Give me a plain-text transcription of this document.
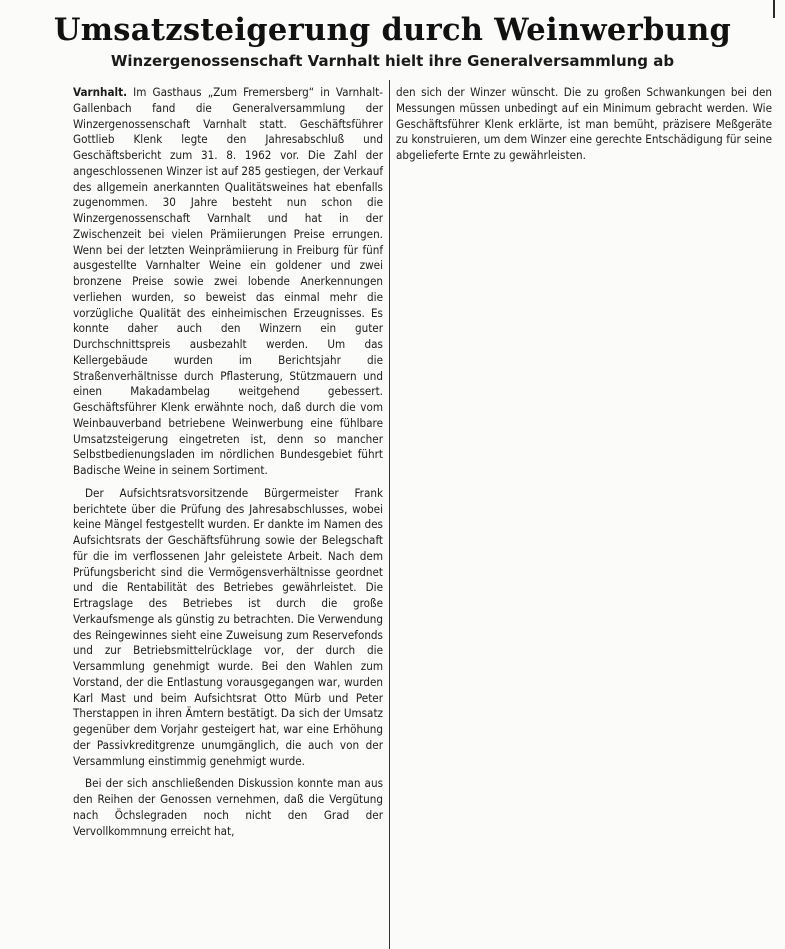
Umsatzsteigerung durch Weinwerbung
Winzergenossenschaft Varnhalt hielt ihre Generalversammlung ab

Varnhalt. Im Gasthaus „Zum Fremersberg“ in Varnhalt-Gallenbach fand die Generalversammlung der Winzergenossenschaft Varnhalt statt. Geschäftsführer Gottlieb Klenk legte den Jahresabschluß und Geschäftsbericht zum 31. 8. 1962 vor. Die Zahl der angeschlossenen Winzer ist auf 285 gestiegen, der Verkauf des allgemein anerkannten Qualitätsweines hat ebenfalls zugenommen. 30 Jahre besteht nun schon die Winzergenossenschaft Varnhalt und hat in der Zwischenzeit bei vielen Prämiierungen Preise errungen. Wenn bei der letzten Weinprämiierung in Freiburg für fünf ausgestellte Varnhalter Weine ein goldener und zwei bronzene Preise sowie zwei lobende Anerkennungen verliehen wurden, so beweist das einmal mehr die vorzügliche Qualität des einheimischen Erzeugnisses. Es konnte daher auch den Winzern ein guter Durchschnittspreis ausbezahlt werden. Um das Kellergebäude wurden im Berichtsjahr die Straßenverhältnisse durch Pflasterung, Stützmauern und einen Makadambelag weitgehend gebessert. Geschäftsführer Klenk erwähnte noch, daß durch die vom Weinbauverband betriebene Weinwerbung eine fühlbare Umsatzsteigerung eingetreten ist, denn so mancher Selbstbedienungsladen im nördlichen Bundesgebiet führt Badische Weine in seinem Sortiment.

Der Aufsichtsratsvorsitzende Bürgermeister Frank berichtete über die Prüfung des Jahresabschlusses, wobei keine Mängel festgestellt wurden. Er dankte im Namen des Aufsichtsrats der Geschäftsführung sowie der Belegschaft für die im verflossenen Jahr geleistete Arbeit. Nach dem Prüfungsbericht sind die Vermögensverhältnisse geordnet und die Rentabilität des Betriebes gewährleistet. Die Ertragslage des Betriebes ist durch die große Verkaufsmenge als günstig zu betrachten. Die Verwendung des Reingewinnes sieht eine Zuweisung zum Reservefonds und zur Betriebsmittelrücklage vor, der durch die Versammlung genehmigt wurde. Bei den Wahlen zum Vorstand, der die Entlastung vorausgegangen war, wurden Karl Mast und beim Aufsichtsrat Otto Mürb und Peter Therstappen in ihren Ämtern bestätigt. Da sich der Umsatz gegenüber dem Vorjahr gesteigert hat, war eine Erhöhung der Passivkreditgrenze unumgänglich, die auch von der Versammlung einstimmig genehmigt wurde.

Bei der sich anschließenden Diskussion konnte man aus den Reihen der Genossen vernehmen, daß die Vergütung nach Öchslegraden noch nicht den Grad der Vervollkommnung erreicht hat,

den sich der Winzer wünscht. Die zu großen Schwankungen bei den Messungen müssen unbedingt auf ein Minimum gebracht werden. Wie Geschäftsführer Klenk erklärte, ist man bemüht, präzisere Meßgeräte zu konstruieren, um dem Winzer eine gerechte Entschädigung für seine abgelieferte Ernte zu gewährleisten.
